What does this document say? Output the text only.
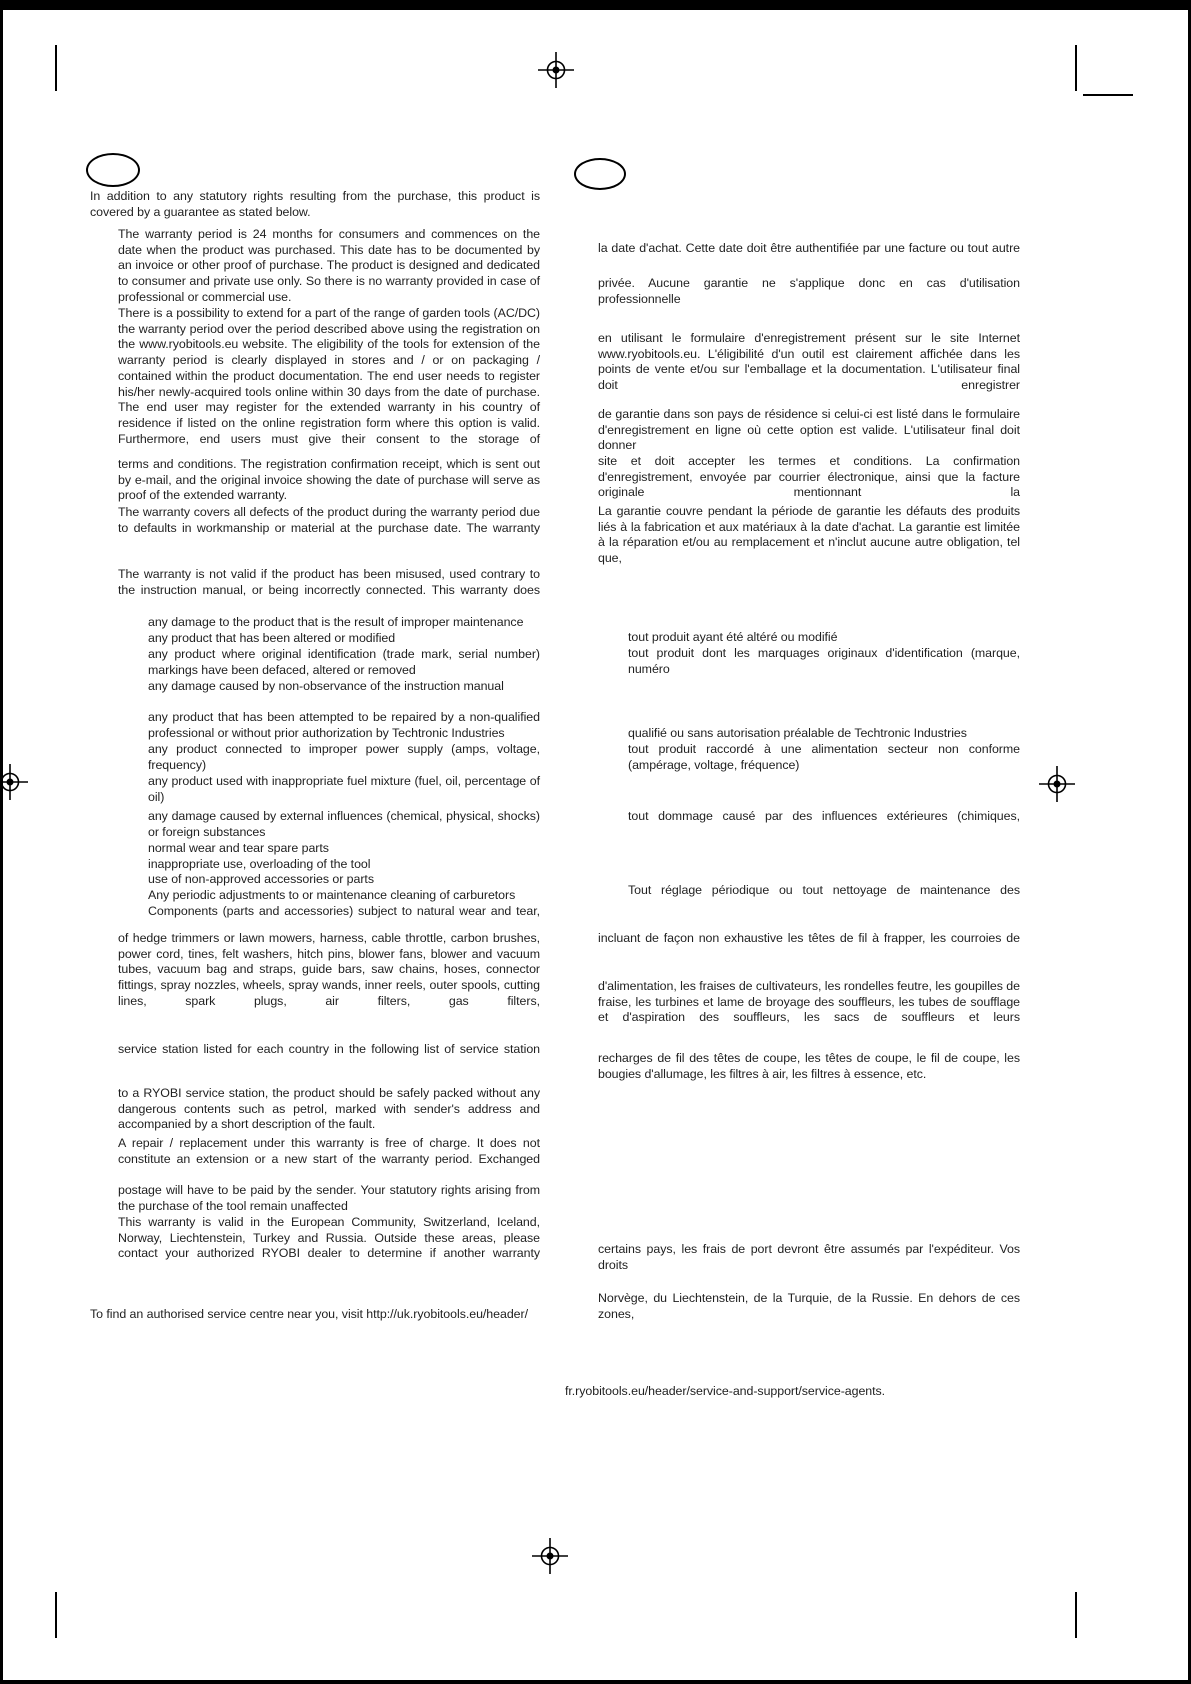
In addition to any statutory rights resulting from the purchase, this product is covered by a guarantee as stated below.
The warranty period is 24 months for consumers and commences on the date when the product was purchased. This date has to be documented by an invoice or other proof of purchase. The product is designed and dedicated to consumer and private use only. So there is no warranty provided in case of professional or commercial use.
There is a possibility to extend for a part of the range of garden tools (AC/DC) the warranty period over the period described above using the registration on the www.ryobitools.eu website. The eligibility of the tools for extension of the warranty period is clearly displayed in stores and / or on packaging / contained within the product documentation. The end user needs to register his/her newly-acquired tools online within 30 days from the date of purchase. The end user may register for the extended warranty in his country of residence if listed on the online registration form where this option is valid. Furthermore, end users must give their consent to the storage of
terms and conditions. The registration confirmation receipt, which is sent out by e-mail, and the original invoice showing the date of purchase will serve as proof of the extended warranty.
The warranty covers all defects of the product during the warranty period due to defaults in workmanship or material at the purchase date. The warranty
The warranty is not valid if the product has been misused, used contrary to the instruction manual, or being incorrectly connected. This warranty does
any damage to the product that is the result of improper maintenance
any product that has been altered or modified
any product where original identification (trade mark, serial number) markings have been defaced, altered or removed
any damage caused by non-observance of the instruction manual
any product that has been attempted to be repaired by a non-qualified professional or without prior authorization by Techtronic Industries
any product connected to improper power supply (amps, voltage, frequency)
any product used with inappropriate fuel mixture (fuel, oil, percentage of oil)
any damage caused by external influences (chemical, physical, shocks) or foreign substances
normal wear and tear spare parts
inappropriate use, overloading of the tool
use of non-approved accessories or parts
Any periodic adjustments to or maintenance cleaning of carburetors
Components (parts and accessories) subject to natural wear and tear,
of hedge trimmers or lawn mowers, harness, cable throttle, carbon brushes, power cord, tines, felt washers, hitch pins, blower fans, blower and vacuum tubes, vacuum bag and straps, guide bars, saw chains, hoses, connector fittings, spray nozzles, wheels, spray wands, inner reels, outer spools, cutting lines, spark plugs, air filters, gas filters,
service station listed for each country in the following list of service station
to a RYOBI service station, the product should be safely packed without any dangerous contents such as petrol, marked with sender's address and accompanied by a short description of the fault.
A repair / replacement under this warranty is free of charge. It does not constitute an extension or a new start of the warranty period. Exchanged
postage will have to be paid by the sender. Your statutory rights arising from the purchase of the tool remain unaffected
This warranty is valid in the European Community, Switzerland, Iceland, Norway, Liechtenstein, Turkey and Russia. Outside these areas, please contact your authorized RYOBI dealer to determine if another warranty
To find an authorised service centre near you, visit http://uk.ryobitools.eu/header/
la date d'achat. Cette date doit être authentifiée par une facture ou tout autre
privée. Aucune garantie ne s'applique donc en cas d'utilisation professionnelle
en utilisant le formulaire d'enregistrement présent sur le site Internet www.ryobitools.eu. L'éligibilité d'un outil est clairement affichée dans les points de vente et/ou sur l'emballage et la documentation. L'utilisateur final doit enregistrer
de garantie dans son pays de résidence si celui-ci est listé dans le formulaire d'enregistrement en ligne où cette option est valide. L'utilisateur final doit donner
site et doit accepter les termes et conditions. La confirmation d'enregistrement, envoyée par courrier électronique, ainsi que la facture originale mentionnant la
La garantie couvre pendant la période de garantie les défauts des produits liés à la fabrication et aux matériaux à la date d'achat. La garantie est limitée à la réparation et/ou au remplacement et n'inclut aucune autre obligation, tel que,
tout produit ayant été altéré ou modifié
tout produit dont les marquages originaux d'identification (marque, numéro
qualifié ou sans autorisation préalable de Techtronic Industries
tout produit raccordé à une alimentation secteur non conforme (ampérage, voltage, fréquence)
tout dommage causé par des influences extérieures (chimiques,
Tout réglage périodique ou tout nettoyage de maintenance des
incluant de façon non exhaustive les têtes de fil à frapper, les courroies de
d'alimentation, les fraises de cultivateurs, les rondelles feutre, les goupilles de fraise, les turbines et lame de broyage des souffleurs, les tubes de soufflage et d'aspiration des souffleurs, les sacs de souffleurs et leurs
recharges de fil des têtes de coupe, les têtes de coupe, le fil de coupe, les bougies d'allumage, les filtres à air, les filtres à essence, etc.
certains pays, les frais de port devront être assumés par l'expéditeur. Vos droits
Norvège, du Liechtenstein, de la Turquie, de la Russie. En dehors de ces zones,
fr.ryobitools.eu/header/service-and-support/service-agents.
